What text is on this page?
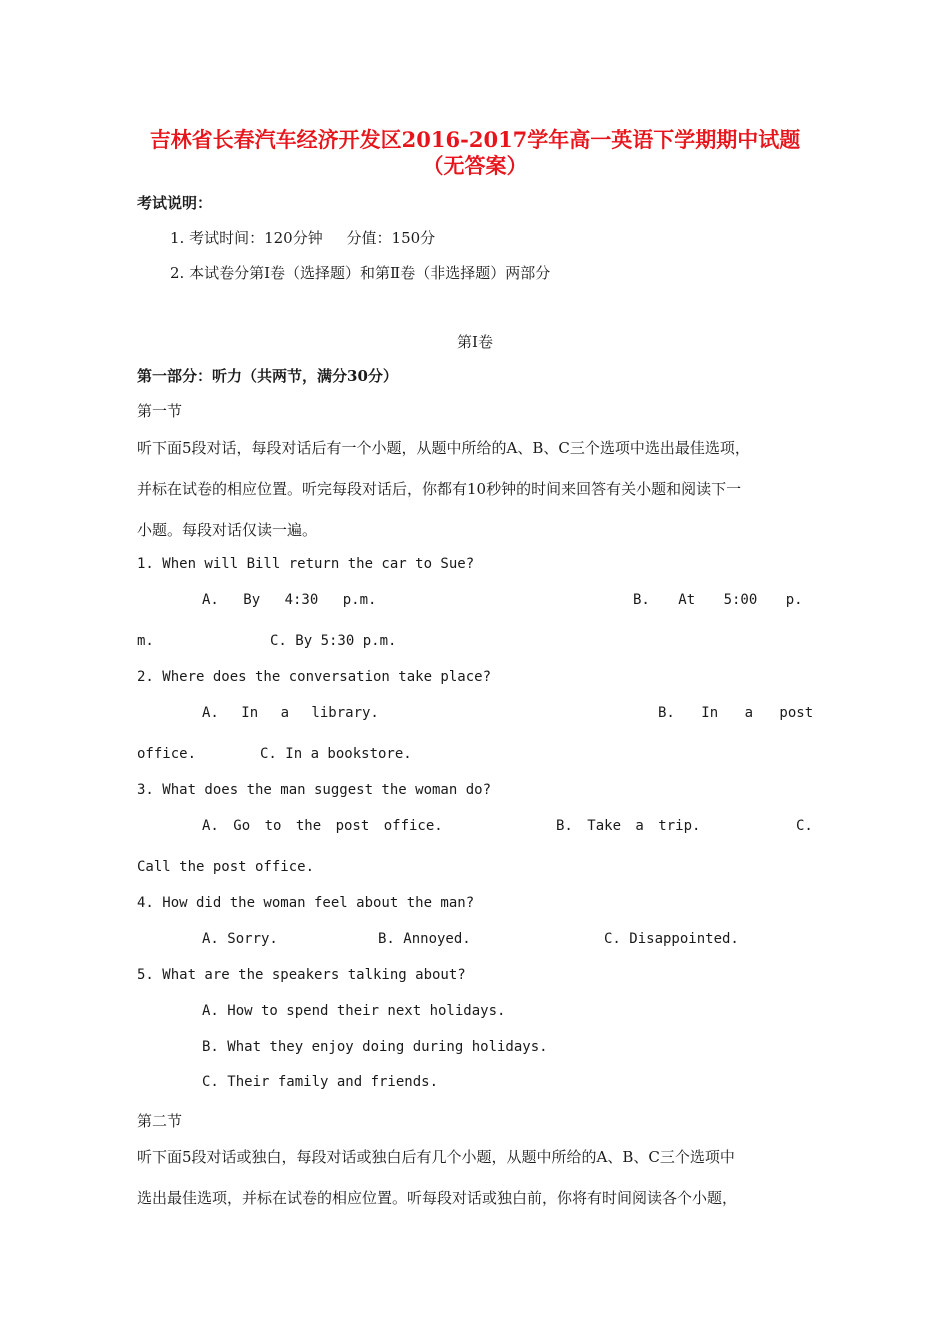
吉林省长春汽车经济开发区2016-2017学年高一英语下学期期中试题
（无答案）
考试说明：
1. 考试时间：120分钟     分值：150分
2. 本试卷分第Ⅰ卷（选择题）和第Ⅱ卷（非选择题）两部分
第Ⅰ卷
第一部分：听力（共两节，满分30分）
第一节
听下面5段对话，每段对话后有一个小题，从题中所给的A、B、C三个选项中选出最佳选项，
并标在试卷的相应位置。听完每段对话后，你都有10秒钟的时间来回答有关小题和阅读下一
小题。每段对话仅读一遍。
1. When will Bill return the car to Sue?
A. By 4:30 p.m.	B. At 5:00 p.
m.	C. By 5:30 p.m.
2. Where does the conversation take place?
A. In a library.	B. In a post
office.	C. In a bookstore.
3. What does the man suggest the woman do?
A. Go to the post office.	B. Take a trip.	C.
Call the post office.
4. How did the woman feel about the man?
A. Sorry.	B. Annoyed.	C. Disappointed.
5. What are the speakers talking about?
A. How to spend their next holidays.
B. What they enjoy doing during holidays.
C. Their family and friends.
第二节
听下面5段对话或独白，每段对话或独白后有几个小题，从题中所给的A、B、C三个选项中
选出最佳选项，并标在试卷的相应位置。听每段对话或独白前，你将有时间阅读各个小题，
